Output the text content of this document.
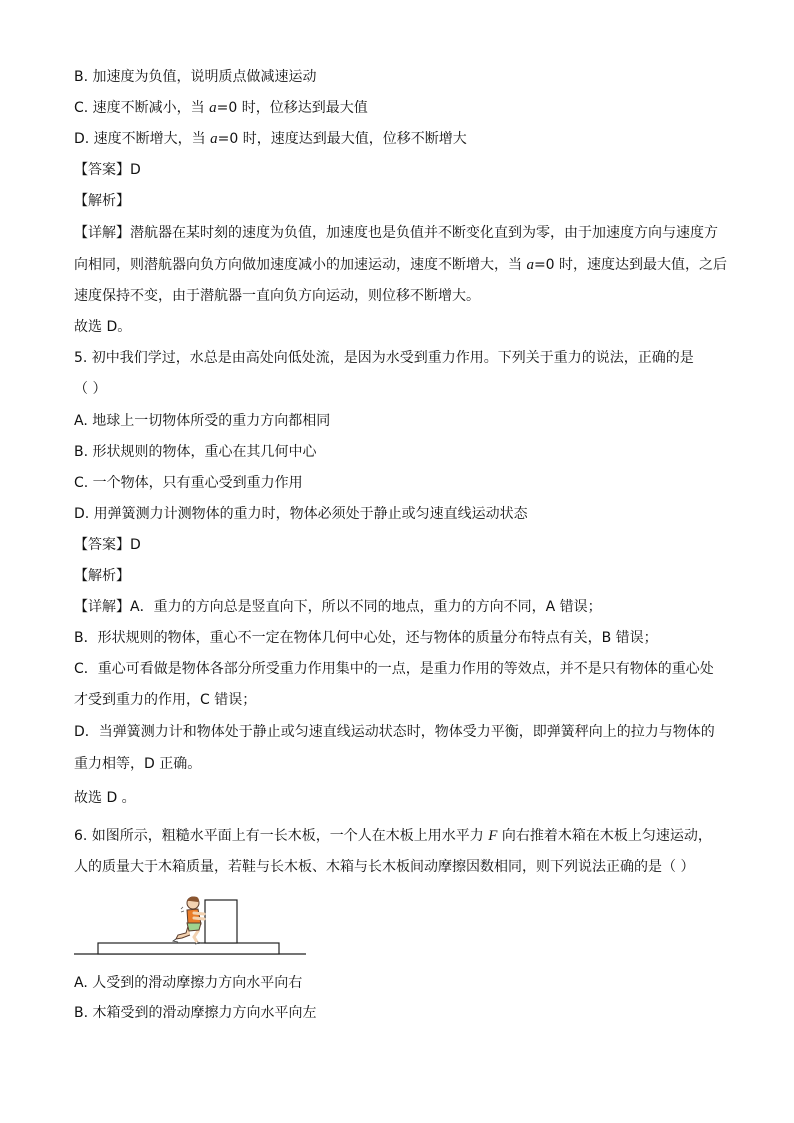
B. 加速度为负值，说明质点做减速运动
C. 速度不断减小，当 a=0 时，位移达到最大值
D. 速度不断增大，当 a=0 时，速度达到最大值，位移不断增大
【答案】D
【解析】
【详解】潜航器在某时刻的速度为负值，加速度也是负值并不断变化直到为零，由于加速度方向与速度方
向相同，则潜航器向负方向做加速度减小的加速运动，速度不断增大，当 a=0 时，速度达到最大值，之后
速度保持不变，由于潜航器一直向负方向运动，则位移不断增大。
故选 D。
5. 初中我们学过，水总是由高处向低处流，是因为水受到重力作用。下列关于重力的说法，正确的是
（ ）
A. 地球上一切物体所受的重力方向都相同
B. 形状规则的物体，重心在其几何中心
C. 一个物体，只有重心受到重力作用
D. 用弹簧测力计测物体的重力时，物体必须处于静止或匀速直线运动状态
【答案】D
【解析】
【详解】A．重力的方向总是竖直向下，所以不同的地点，重力的方向不同，A 错误；
B．形状规则的物体，重心不一定在物体几何中心处，还与物体的质量分布特点有关，B 错误；
C．重心可看做是物体各部分所受重力作用集中的一点，是重力作用的等效点，并不是只有物体的重心处
才受到重力的作用，C 错误；
D．当弹簧测力计和物体处于静止或匀速直线运动状态时，物体受力平衡，即弹簧秤向上的拉力与物体的
重力相等，D 正确。
故选 D 。
6. 如图所示，粗糙水平面上有一长木板，一个人在木板上用水平力 F 向右推着木箱在木板上匀速运动，
人的质量大于木箱质量，若鞋与长木板、木箱与长木板间动摩擦因数相同，则下列说法正确的是（ ）
A. 人受到的滑动摩擦力方向水平向右
B. 木箱受到的滑动摩擦力方向水平向左
